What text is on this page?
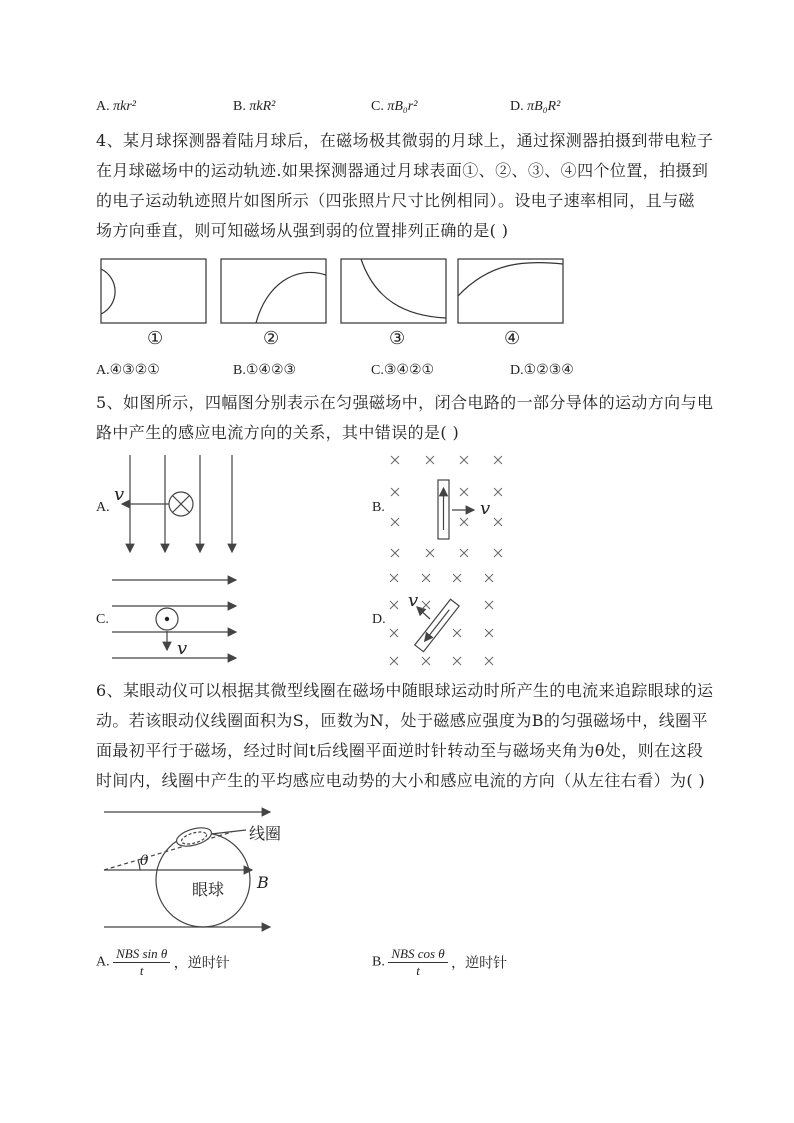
A. πkr²	B. πkR²	C. πB₀r²	D. πB₀R²
4、某月球探测器着陆月球后，在磁场极其微弱的月球上，通过探测器拍摄到带电粒子
在月球磁场中的运动轨迹.如果探测器通过月球表面①、②、③、④四个位置，拍摄到
的电子运动轨迹照片如图所示（四张照片尺寸比例相同）。设电子速率相同，且与磁
场方向垂直，则可知磁场从强到弱的位置排列正确的是( )
①	②	③	④
A.④③②①	B.①④②③	C.③④②①	D.①②③④
5、如图所示，四幅图分别表示在匀强磁场中，闭合电路的一部分导体的运动方向与电
路中产生的感应电流方向的关系，其中错误的是( )
A.
v
B.	v
C.
v
D.
v
6、某眼动仪可以根据其微型线圈在磁场中随眼球运动时所产生的电流来追踪眼球的运
动。若该眼动仪线圈面积为S，匝数为N，处于磁感应强度为B的匀强磁场中，线圈平
面最初平行于磁场，经过时间t后线圈平面逆时针转动至与磁场夹角为θ处，则在这段
时间内，线圈中产生的平均感应电动势的大小和感应电流的方向（从左往右看）为( )
线圈
θ
B
眼球
A. $\frac{\text{NBS sin θ}}{t}$ ，逆时针	B. $\frac{\text{NBS cos θ}}{t}$ ，逆时针
